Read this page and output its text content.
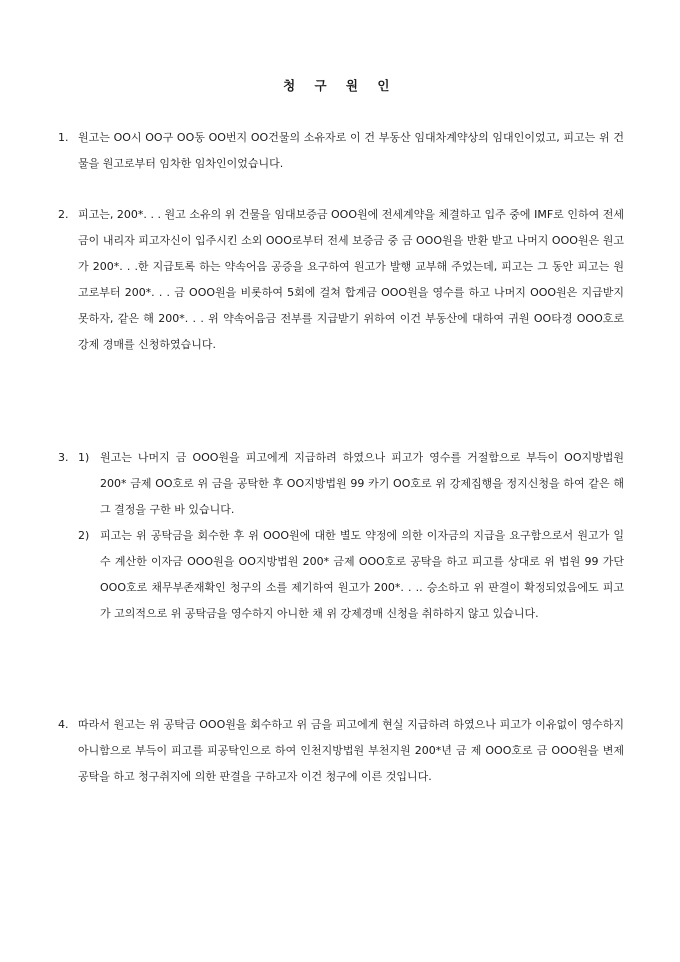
청 구 원 인
1. 원고는 OO시 OO구 OO동 OO번지 OO건물의 소유자로 이 건 부동산 임대차계약상의 임대인이었고, 피고는 위 건물을 원고로부터 임차한 임차인이었습니다.
2. 피고는, 200*. . . 원고 소유의 위 건물을 임대보증금 OOO원에 전세계약을 체결하고 입주 중에 IMF로 인하여 전세금이 내리자 피고자신이 입주시킨 소외 OOO로부터 전세 보증금 중 금 OOO원을 반환 받고 나머지 OOO원은 원고가 200*. . .한 지급토록 하는 약속어음 공증을 요구하여 원고가 발행 교부해 주었는데, 피고는 그 동안 피고는 원고로부터 200*. . . 금 OOO원을 비롯하여 5회에 걸쳐 합계금 OOO원을 영수를 하고 나머지 OOO원은 지급받지 못하자, 같은 해 200*. . . 위 약속어음금 전부를 지급받기 위하여 이건 부동산에 대하여 귀원 OO타경 OOO호로 강제 경매를 신청하였습니다.
3. 1) 원고는 나머지 금 OOO원을 피고에게 지급하려 하였으나 피고가 영수를 거절함으로 부득이 OO지방법원 200* 금제 OO호로 위 금을 공탁한 후 OO지방법원 99 카기 OO호로 위 강제집행을 정지신청을 하여 같은 해 그 결정을 구한 바 있습니다.
2) 피고는 위 공탁금을 회수한 후 위 OOO원에 대한 별도 약정에 의한 이자금의 지급을 요구함으로서 원고가 일수 계산한 이자금 OOO원을 OO지방법원 200* 금제 OOO호로 공탁을 하고 피고를 상대로 위 법원 99 가단 OOO호로 채무부존재확인 청구의 소를 제기하여 원고가 200*. . .. 승소하고 위 판결이 확정되었음에도 피고가 고의적으로 위 공탁금을 영수하지 아니한 채 위 강제경매 신청을 취하하지 않고 있습니다.
4. 따라서 원고는 위 공탁금 OOO원을 회수하고 위 금을 피고에게 현실 지급하려 하였으나 피고가 이유없이 영수하지 아니함으로 부득이 피고를 피공탁인으로 하여 인천지방법원 부천지원 200*년 금 제 OOO호로 금 OOO원을 변제공탁을 하고 청구취지에 의한 판결을 구하고자 이건 청구에 이른 것입니다.
